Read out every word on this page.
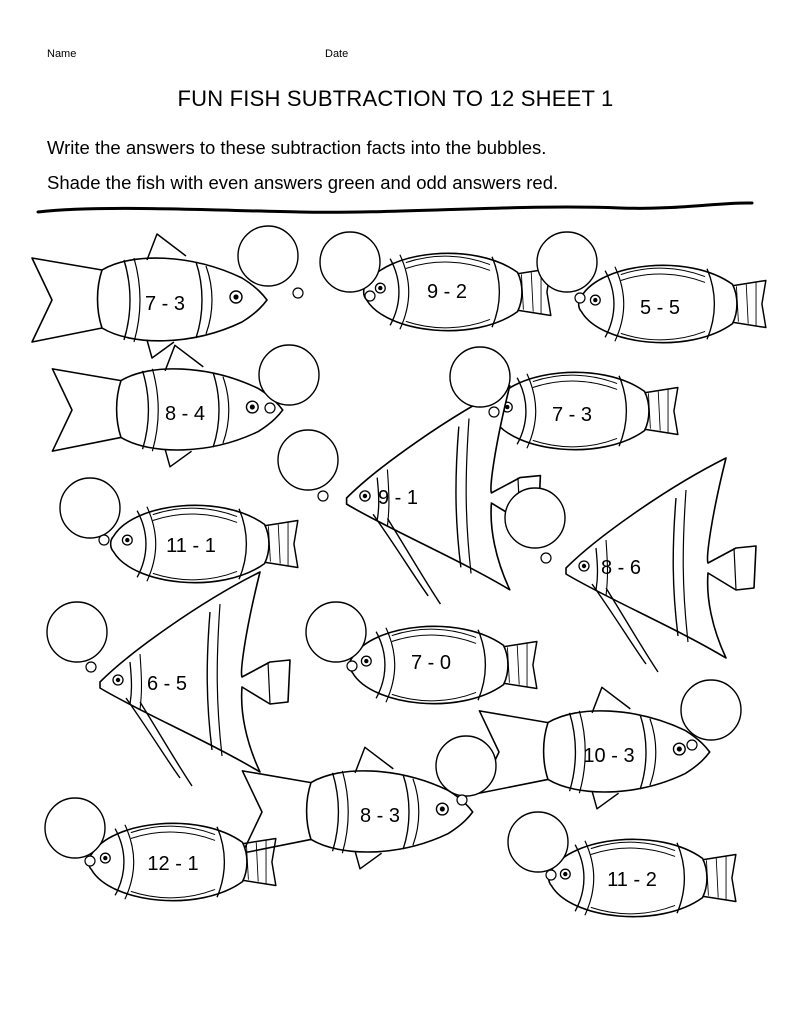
Name	Date
FUN FISH SUBTRACTION TO 12 SHEET 1
Write the answers to these subtraction facts into the bubbles.
Shade the fish with even answers green and odd answers red.
7 - 3
9 - 2
5 - 5
8 - 4	7 - 3
9 - 1
11 - 1
8 - 6
6 - 5
7 - 0
10 - 3
8 - 3
12 - 1
11 - 2
